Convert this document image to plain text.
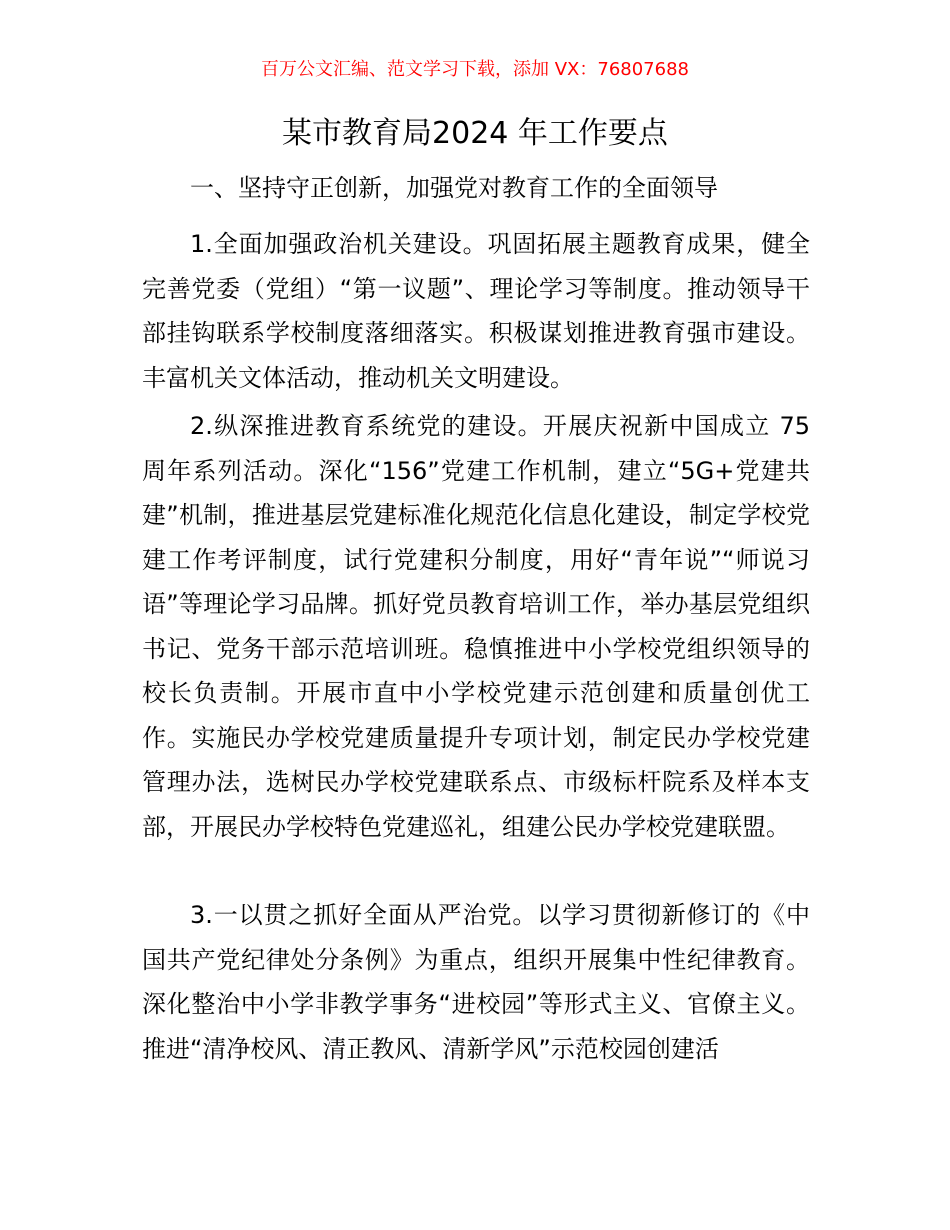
百万公文汇编、范文学习下载，添加 VX：76807688
某市教育局2024 年工作要点
一、坚持守正创新，加强党对教育工作的全面领导

1.全面加强政治机关建设。巩固拓展主题教育成果，健全完善党委（党组）“第一议题”、理论学习等制度。推动领导干部挂钩联系学校制度落细落实。积极谋划推进教育强市建设。丰富机关文体活动，推动机关文明建设。

2.纵深推进教育系统党的建设。开展庆祝新中国成立 75 周年系列活动。深化“156”党建工作机制，建立“5G+党建共建”机制，推进基层党建标准化规范化信息化建设，制定学校党建工作考评制度，试行党建积分制度，用好“青年说”“师说习语”等理论学习品牌。抓好党员教育培训工作，举办基层党组织书记、党务干部示范培训班。稳慎推进中小学校党组织领导的校长负责制。开展市直中小学校党建示范创建和质量创优工作。实施民办学校党建质量提升专项计划，制定民办学校党建管理办法，选树民办学校党建联系点、市级标杆院系及样本支部，开展民办学校特色党建巡礼，组建公民办学校党建联盟。

3.一以贯之抓好全面从严治党。以学习贯彻新修订的《中国共产党纪律处分条例》为重点，组织开展集中性纪律教育。深化整治中小学非教学事务“进校园”等形式主义、官僚主义。推进“清净校风、清正教风、清新学风”示范校园创建活
